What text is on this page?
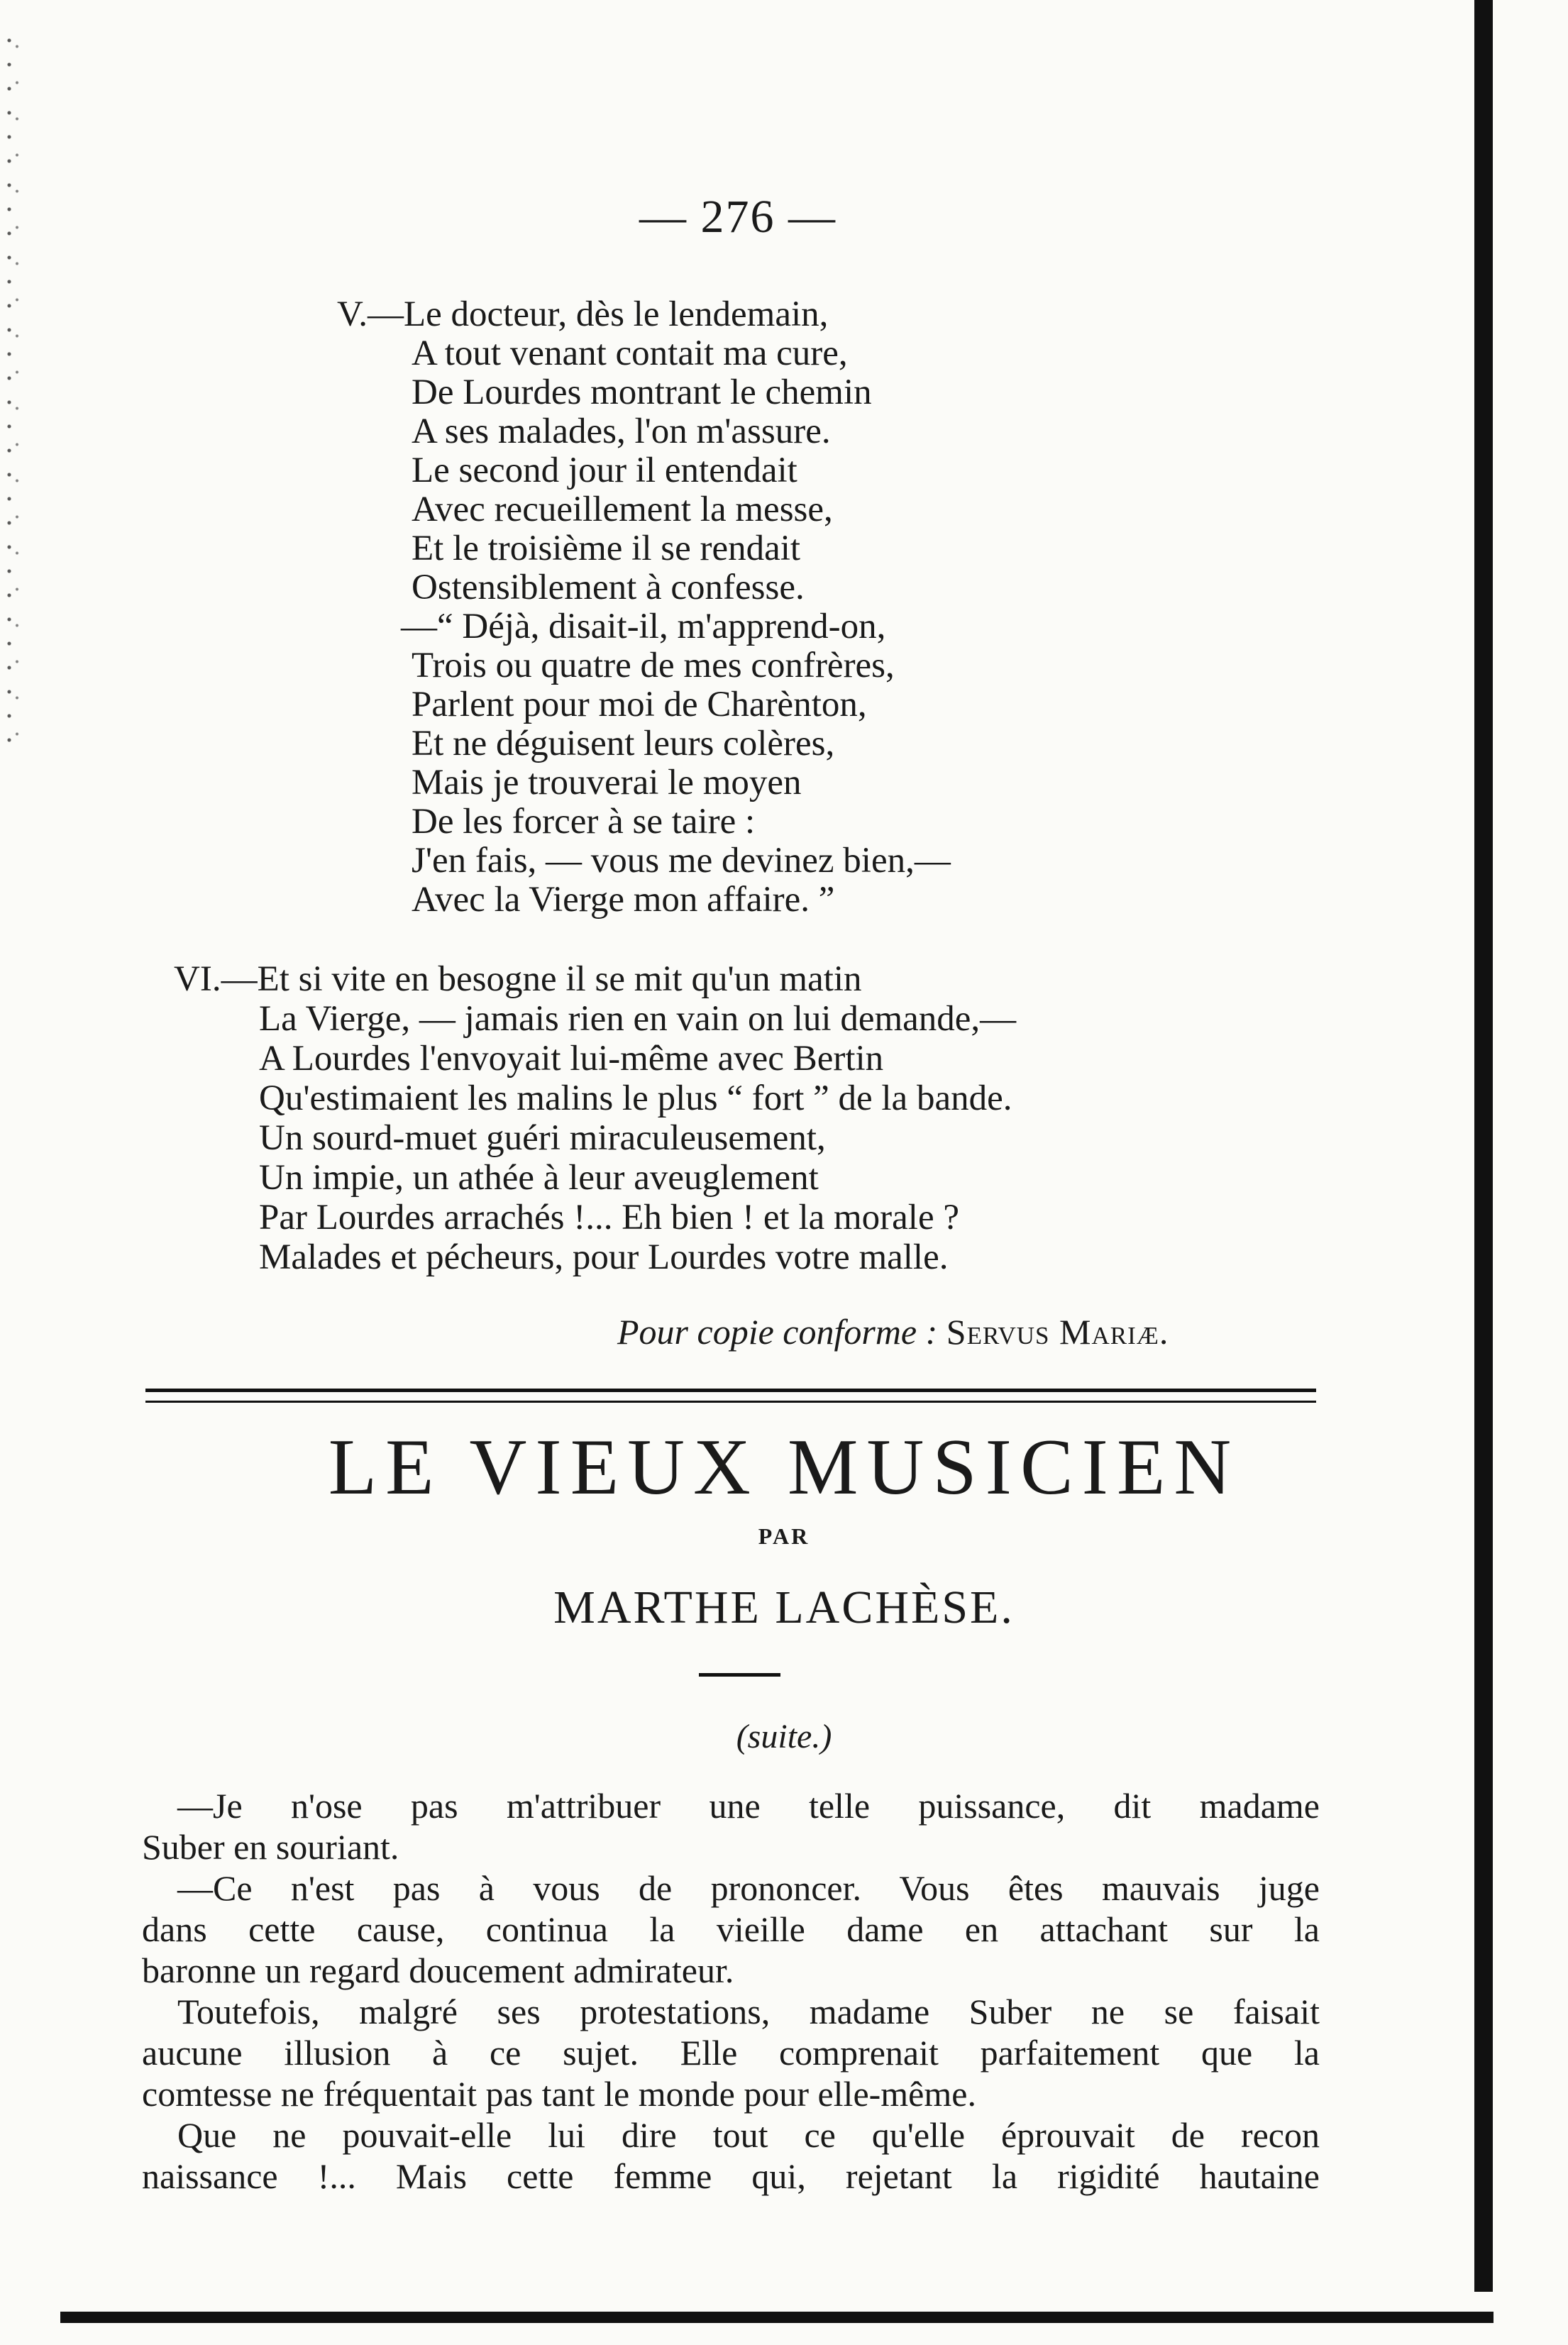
— 276 —
V.—Le docteur, dès le lendemain,
A tout venant contait ma cure,
De Lourdes montrant le chemin
A ses malades, l'on m'assure.
Le second jour il entendait
Avec recueillement la messe,
Et le troisième il se rendait
Ostensiblement à confesse.
—“ Déjà, disait-il, m'apprend-on,
Trois ou quatre de mes confrères,
Parlent pour moi de Charènton,
Et ne déguisent leurs colères,
Mais je trouverai le moyen
De les forcer à se taire :
J'en fais, — vous me devinez bien,—
Avec la Vierge mon affaire. ”
VI.—Et si vite en besogne il se mit qu'un matin
La Vierge, — jamais rien en vain on lui demande,—
A Lourdes l'envoyait lui-même avec Bertin
Qu'estimaient les malins le plus “ fort ” de la bande.
Un sourd-muet guéri miraculeusement,
Un impie, un athée à leur aveuglement
Par Lourdes arrachés !... Eh bien ! et la morale ?
Malades et pécheurs, pour Lourdes votre malle.
Pour copie conforme : Servus Mariæ.
LE VIEUX MUSICIEN
PAR
MARTHE LACHÈSE.
(suite.)
—Je n'ose pas m'attribuer une telle puissance, dit madame
Suber en souriant.
—Ce n'est pas à vous de prononcer. Vous êtes mauvais juge
dans cette cause, continua la vieille dame en attachant sur la
baronne un regard doucement admirateur.
Toutefois, malgré ses protestations, madame Suber ne se faisait
aucune illusion à ce sujet. Elle comprenait parfaitement que la
comtesse ne fréquentait pas tant le monde pour elle-même.
Que ne pouvait-elle lui dire tout ce qu'elle éprouvait de recon
naissance !... Mais cette femme qui, rejetant la rigidité hautaine
